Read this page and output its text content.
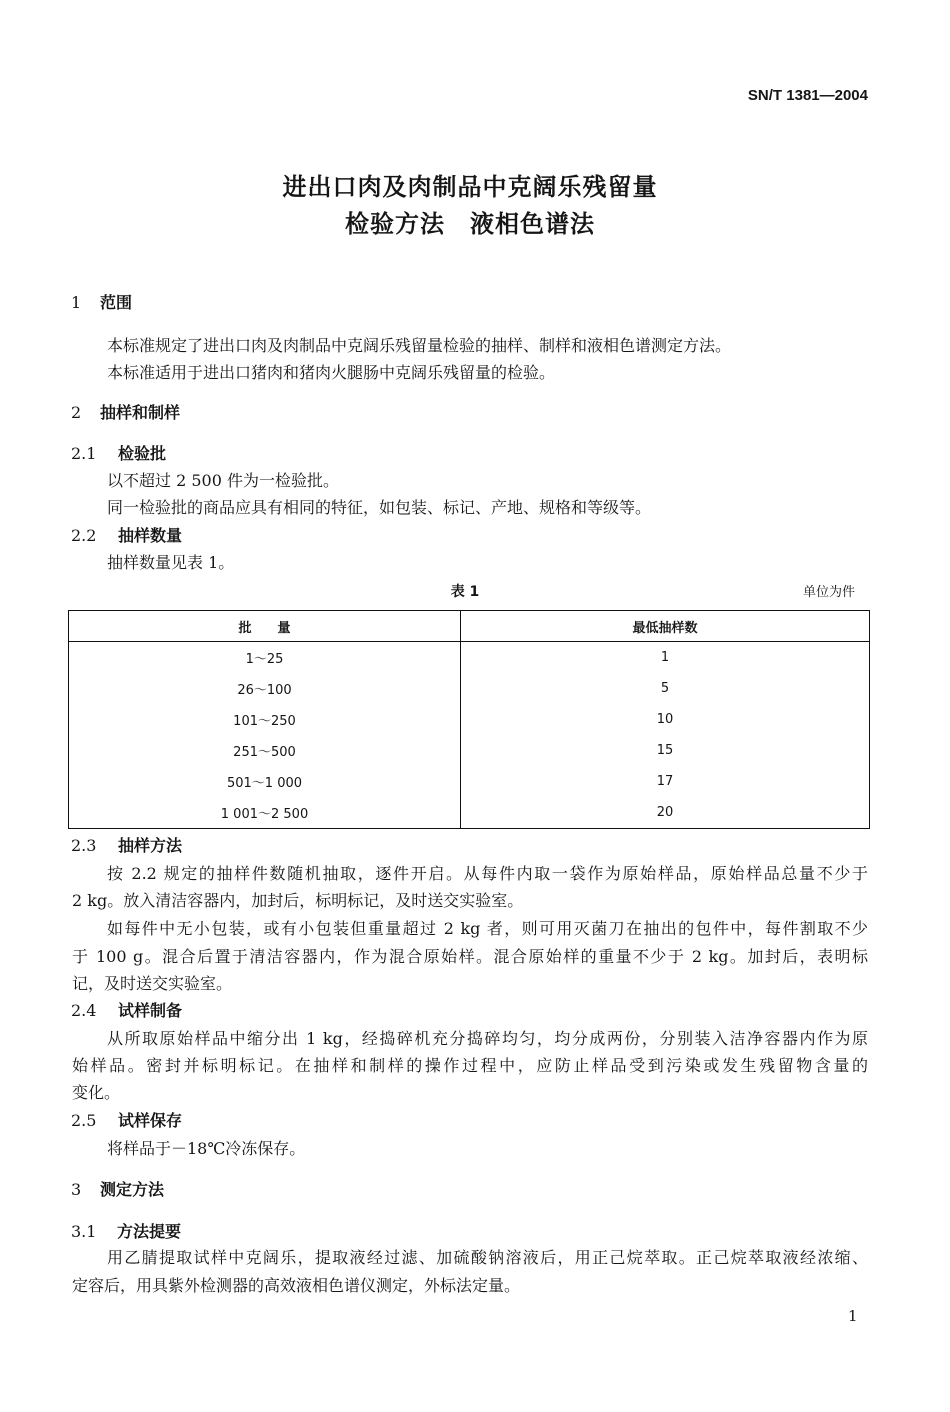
SN/T 1381—2004
进出口肉及肉制品中克阔乐残留量
检验方法　液相色谱法
1 范围
本标准规定了进出口肉及肉制品中克阔乐残留量检验的抽样、制样和液相色谱测定方法。
本标准适用于进出口猪肉和猪肉火腿肠中克阔乐残留量的检验。
2 抽样和制样
2.1 检验批
以不超过 2 500 件为一检验批。
同一检验批的商品应具有相同的特征，如包装、标记、产地、规格和等级等。
2.2 抽样数量
抽样数量见表 1。
表 1	单位为件
批　　量	最低抽样数
1～25	1
26～100	5
101～250	10
251～500	15
501～1 000	17
1 001～2 500	20
2.3 抽样方法
按 2.2 规定的抽样件数随机抽取，逐件开启。从每件内取一袋作为原始样品，原始样品总量不少于
2 kg。放入清洁容器内，加封后，标明标记，及时送交实验室。
如每件中无小包装，或有小包装但重量超过 2 kg 者，则可用灭菌刀在抽出的包件中，每件割取不少
于 100 g。混合后置于清洁容器内，作为混合原始样。混合原始样的重量不少于 2 kg。加封后，表明标
记，及时送交实验室。
2.4 试样制备
从所取原始样品中缩分出 1 kg，经捣碎机充分捣碎均匀，均分成两份，分别装入洁净容器内作为原
始样品。密封并标明标记。在抽样和制样的操作过程中，应防止样品受到污染或发生残留物含量的
变化。
2.5 试样保存
将样品于－18℃冷冻保存。
3 测定方法
3.1 方法提要
用乙腈提取试样中克阔乐，提取液经过滤、加硫酸钠溶液后，用正己烷萃取。正己烷萃取液经浓缩、
定容后，用具紫外检测器的高效液相色谱仪测定，外标法定量。
1
